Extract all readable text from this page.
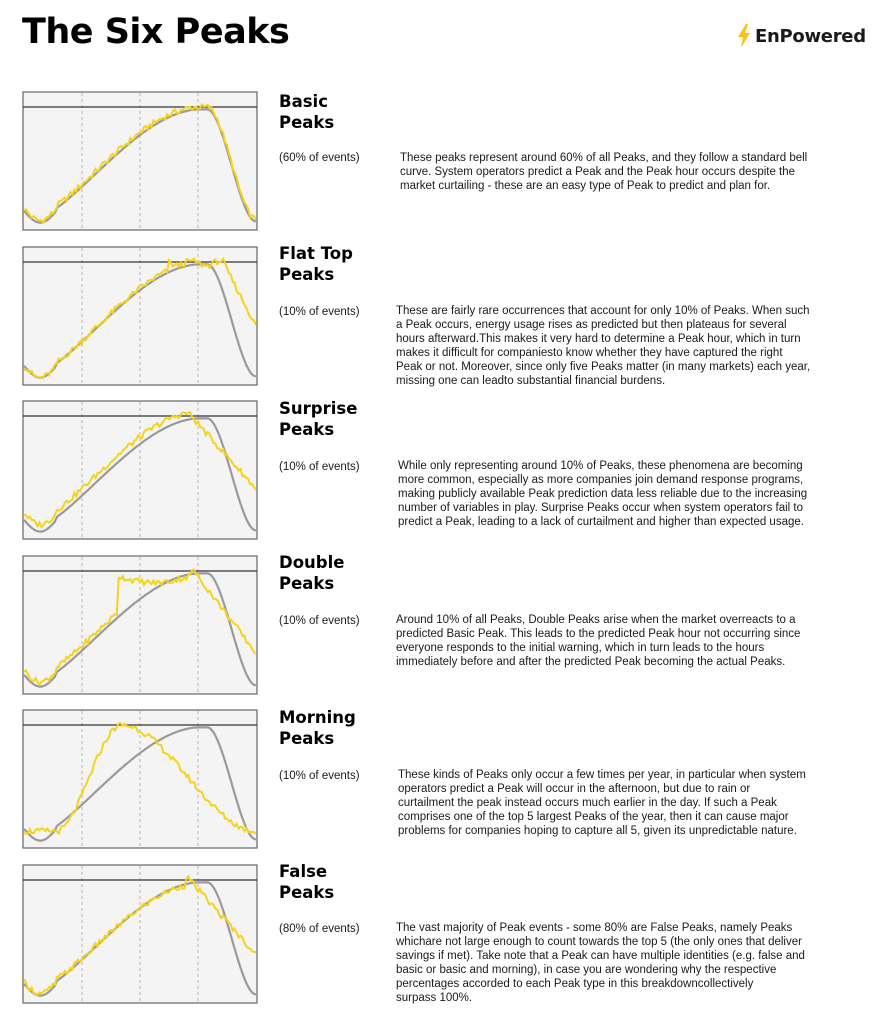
The Six Peaks	EnPowered
Basic
Peaks
(60% of events)	These peaks represent around 60% of all Peaks, and they follow a standard bell
curve. System operators predict a Peak and the Peak hour occurs despite the
market curtailing - these are an easy type of Peak to predict and plan for.
Flat Top
Peaks
(10% of events)	These are fairly rare occurrences that account for only 10% of Peaks. When such
a Peak occurs, energy usage rises as predicted but then plateaus for several
hours afterward.This makes it very hard to determine a Peak hour, which in turn
makes it difficult for companiesto know whether they have captured the right
Peak or not. Moreover, since only five Peaks matter (in many markets) each year,
missing one can leadto substantial financial burdens.
Surprise
Peaks
(10% of events)	While only representing around 10% of Peaks, these phenomena are becoming
more common, especially as more companies join demand response programs,
making publicly available Peak prediction data less reliable due to the increasing
number of variables in play. Surprise Peaks occur when system operators fail to
predict a Peak, leading to a lack of curtailment and higher than expected usage.
Double
Peaks
(10% of events)	Around 10% of all Peaks, Double Peaks arise when the market overreacts to a
predicted Basic Peak. This leads to the predicted Peak hour not occurring since
everyone responds to the initial warning, which in turn leads to the hours
immediately before and after the predicted Peak becoming the actual Peaks.
Morning
Peaks
(10% of events)	These kinds of Peaks only occur a few times per year, in particular when system
operators predict a Peak will occur in the afternoon, but due to rain or
curtailment the peak instead occurs much earlier in the day. If such a Peak
comprises one of the top 5 largest Peaks of the year, then it can cause major
problems for companies hoping to capture all 5, given its unpredictable nature.
False
Peaks
(80% of events)	The vast majority of Peak events - some 80% are False Peaks, namely Peaks
whichare not large enough to count towards the top 5 (the only ones that deliver
savings if met). Take note that a Peak can have multiple identities (e.g. false and
basic or basic and morning), in case you are wondering why the respective
percentages accorded to each Peak type in this breakdowncollectively
surpass 100%.
